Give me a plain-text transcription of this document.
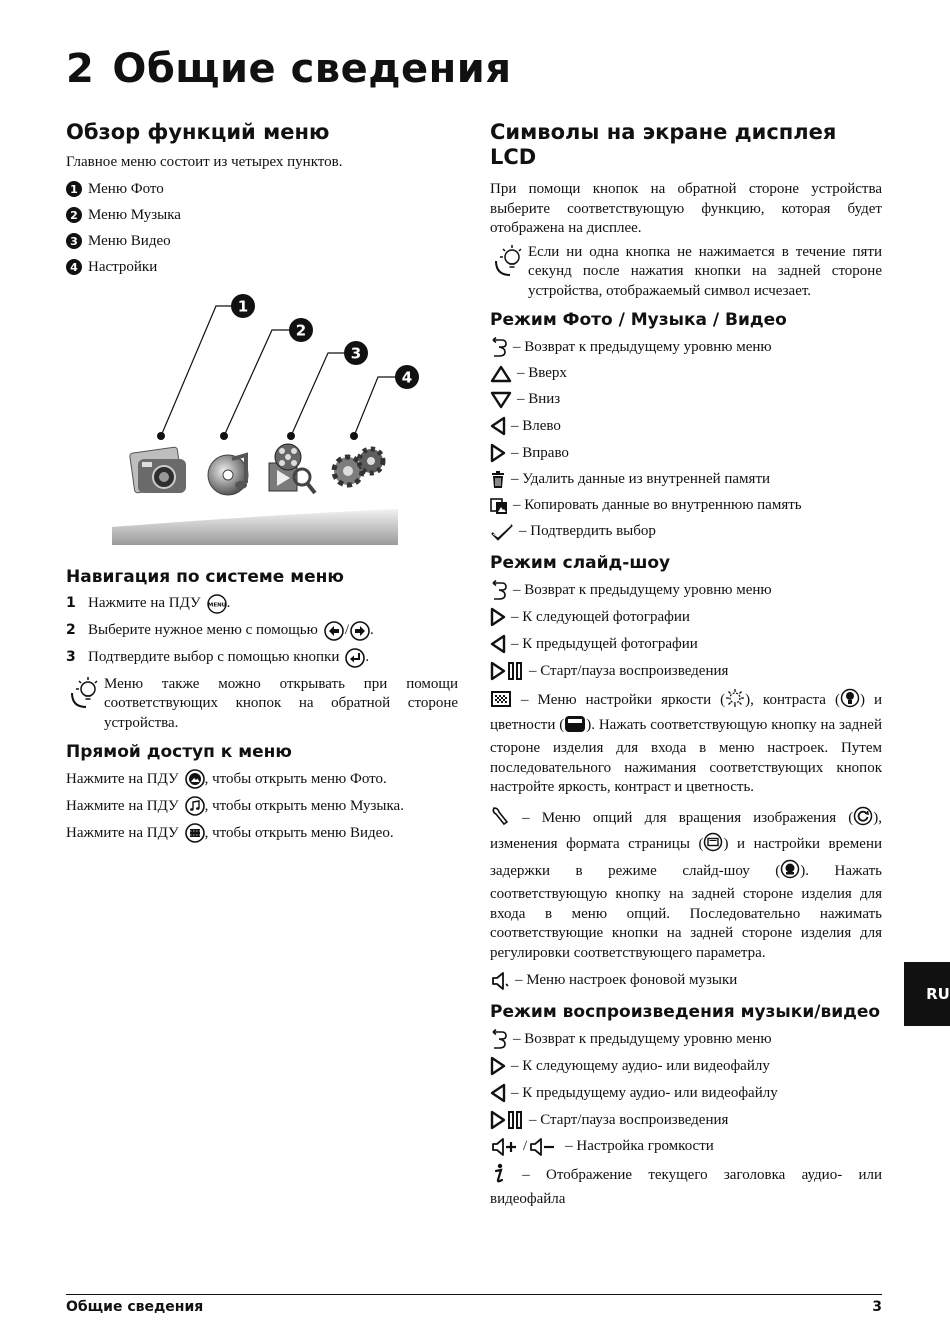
2 Общие сведения
Обзор функций меню

Главное меню состоит из четырех пунктов.

1 Меню Фото
2 Меню Музыка
3 Меню Видео
4 Настройки
1
2
3
4
Навигация по системе меню
1 Нажмите на ПДУ MENU .
2 Выберите нужное меню с помощью / .
3 Подтвердите выбор с помощью кнопки .

Меню также можно открывать при помощи соответствующих кнопок на обратной стороне устройства.

Прямой доступ к меню
Нажмите на ПДУ , чтобы открыть меню Фото.
Нажмите на ПДУ , чтобы открыть меню Музыка.
Нажмите на ПДУ , чтобы открыть меню Видео.
Символы на экране дисплея
LCD

При помощи кнопок на обратной стороне устройства выберите соответствующую функцию, которая будет отображена на дисплее.

Если ни одна кнопка не нажимается в течение пяти секунд после нажатия кнопки на задней стороне устройства, отображаемый символ исчезает.

Режим Фото / Музыка / Видео
– Возврат к предыдущему уровню меню
– Вверх
– Вниз
– Влево
– Вправо
– Удалить данные из внутренней памяти
– Копировать данные во внутреннюю память
– Подтвердить выбор
Режим слайд-шоу
– Возврат к предыдущему уровню меню
– К следующей фотографии
– К предыдущей фотографии
– Старт/пауза воспроизведения

– Меню настройки яркости ( ), контраста ( ) и цветности ( ). Нажать соответствующую кнопку на задней стороне изделия для входа в меню настроек. Путем последовательного нажимания соответствующих кнопок настройте яркость, контраст и цветность.

– Меню опций для вращения изображения ( ), изменения формата страницы ( ) и настройки времени задержки в режиме слайд-шоу ( ). Нажать соответствующую кнопку на задней стороне изделия для входа в меню опций. Последовательно нажимать соответствующие кнопки на задней стороне изделия для регулировки соответствующего параметра.

– Меню настроек фоновой музыки
Режим воспроизведения музыки/видео
– Возврат к предыдущему уровню меню
– К следующему аудио- или видеофайлу
– К предыдущему аудио- или видеофайлу
– Старт/пауза воспроизведения
/	– Настройка громкости

– Отображение текущего заголовка аудио- или видеофайла

RU
Общие сведения	3
